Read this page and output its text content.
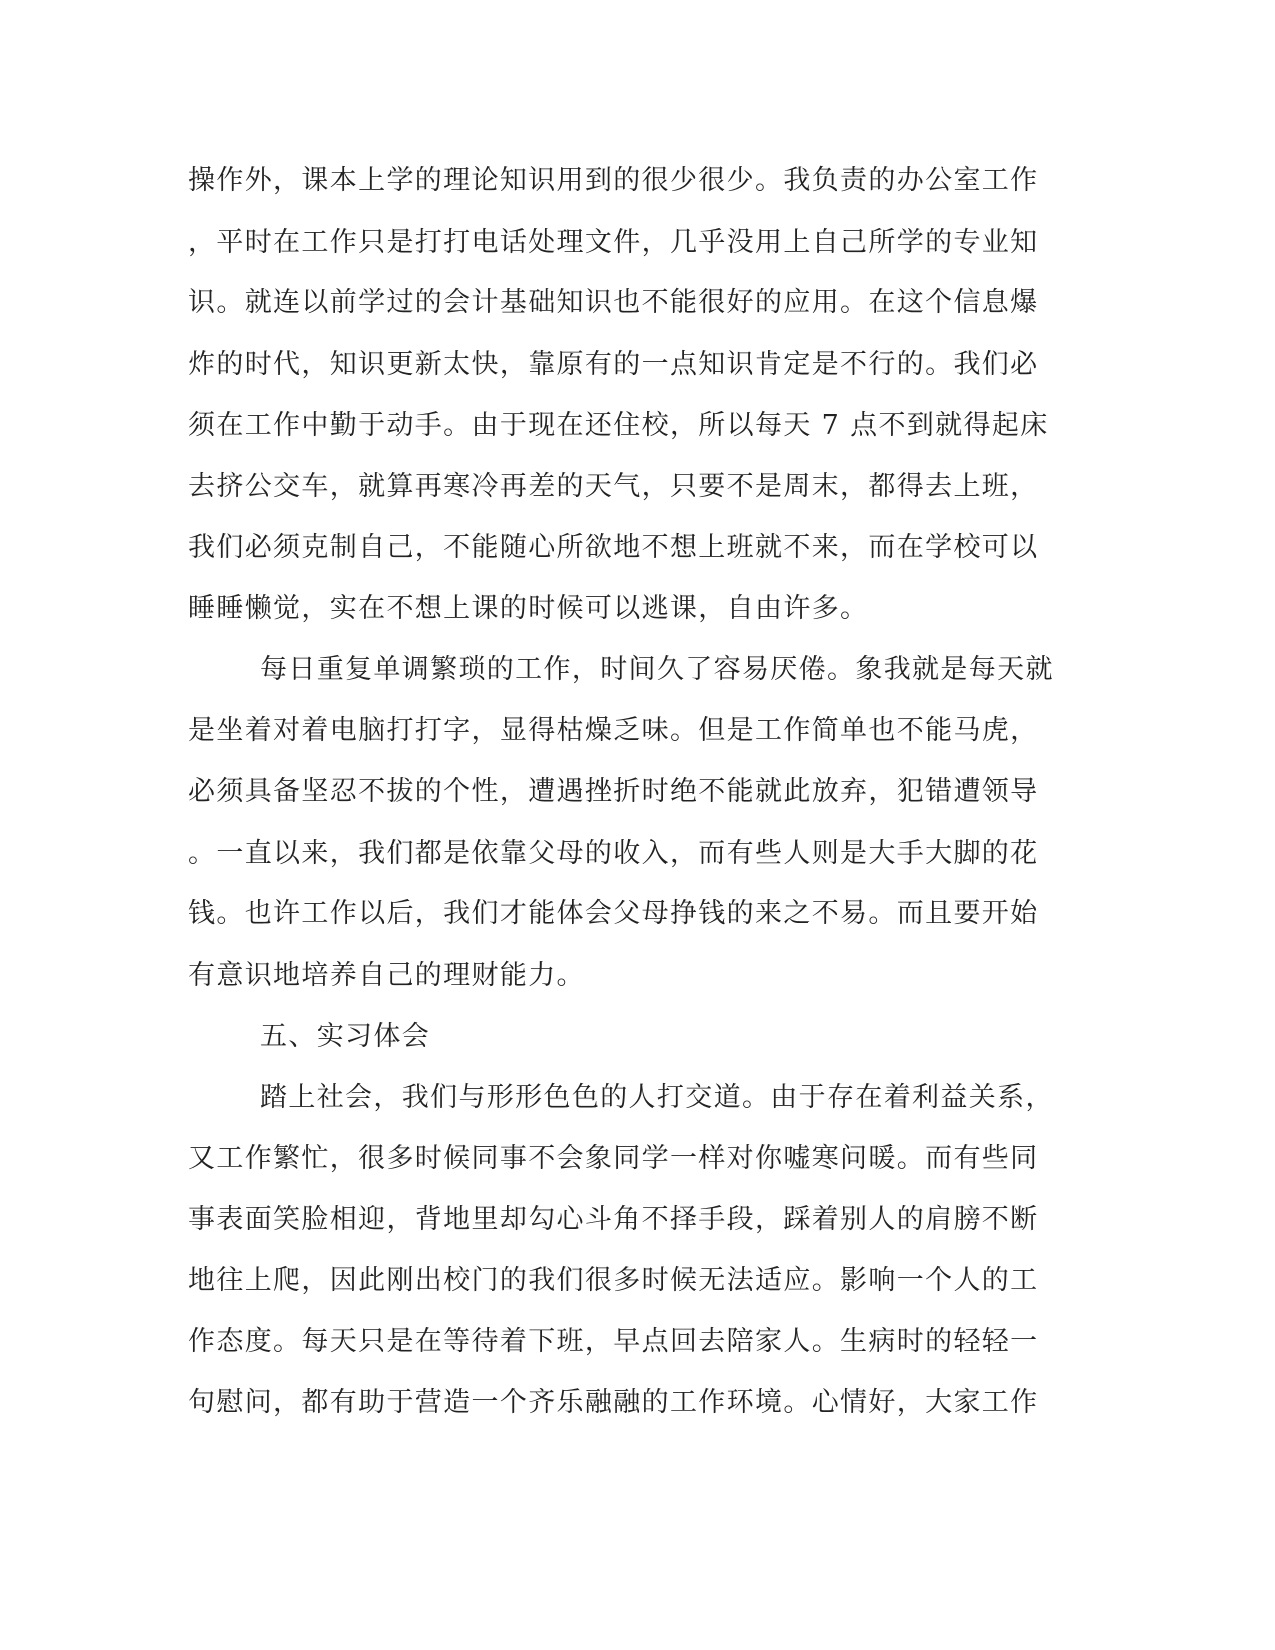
操作外，课本上学的理论知识用到的很少很少。我负责的办公室工作
，平时在工作只是打打电话处理文件，几乎没用上自己所学的专业知
识。就连以前学过的会计基础知识也不能很好的应用。在这个信息爆
炸的时代，知识更新太快，靠原有的一点知识肯定是不行的。我们必
须在工作中勤于动手。由于现在还住校，所以每天 7 点不到就得起床
去挤公交车，就算再寒冷再差的天气，只要不是周末，都得去上班，
我们必须克制自己，不能随心所欲地不想上班就不来，而在学校可以
睡睡懒觉，实在不想上课的时候可以逃课，自由许多。
每日重复单调繁琐的工作，时间久了容易厌倦。象我就是每天就
是坐着对着电脑打打字，显得枯燥乏味。但是工作简单也不能马虎，
必须具备坚忍不拔的个性，遭遇挫折时绝不能就此放弃，犯错遭领导
。一直以来，我们都是依靠父母的收入，而有些人则是大手大脚的花
钱。也许工作以后，我们才能体会父母挣钱的来之不易。而且要开始
有意识地培养自己的理财能力。
五、实习体会
踏上社会，我们与形形色色的人打交道。由于存在着利益关系，
又工作繁忙，很多时候同事不会象同学一样对你嘘寒问暖。而有些同
事表面笑脸相迎，背地里却勾心斗角不择手段，踩着别人的肩膀不断
地往上爬，因此刚出校门的我们很多时候无法适应。影响一个人的工
作态度。每天只是在等待着下班，早点回去陪家人。生病时的轻轻一
句慰问，都有助于营造一个齐乐融融的工作环境。心情好，大家工作
